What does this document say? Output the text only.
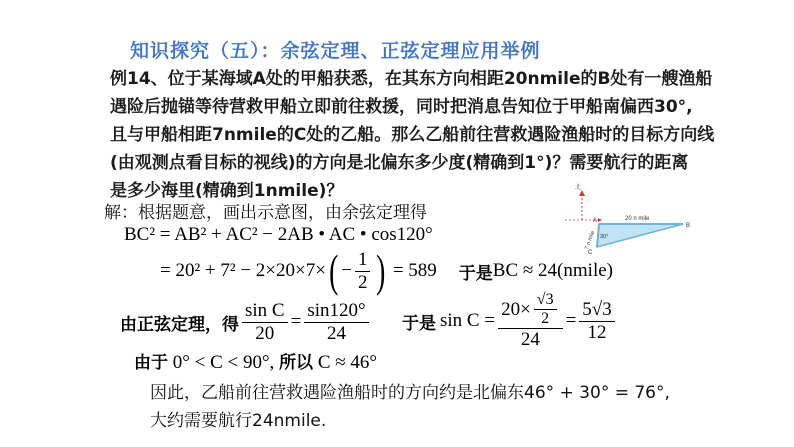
知识探究（五）：余弦定理、正弦定理应用举例
例14、位于某海域A处的甲船获悉，在其东方向相距20nmile的B处有一艘渔船
遇险后抛锚等待营救甲船立即前往救援，同时把消息告知位于甲船南偏西30°,
且与甲船相距7nmile的C处的乙船。那么乙船前往营救遇险渔船时的目标方向线
(由观测点看目标的视线)的方向是北偏东多少度(精确到1°)？需要航行的距离
是多少海里(精确到1nmile)？
解：根据题意，画出示意图，由余弦定理得
BC² = AB² + AC² − 2AB • AC • cos120°
= 20² + 7² − 2×20×7× ( − $\frac{1}{2}$ ) = 589 于是 BC ≈ 24(nmile)
由正弦定理，得 $\frac{\text{sin C}}{20} = \frac{\sin 120^\circ}{24}$ 于是 $\sin C = \frac{20\times \frac{√3}{2}}{24} = \frac{5√3}{12}$
由于 0° < C < 90°, 所以 C ≈ 46°
因此，乙船前往营救遇险渔船时的方向约是北偏东46° + 30° = 76°,
大约需要航行24nmile.
北
A
B
C
20 n mile
7 n mile 30°
